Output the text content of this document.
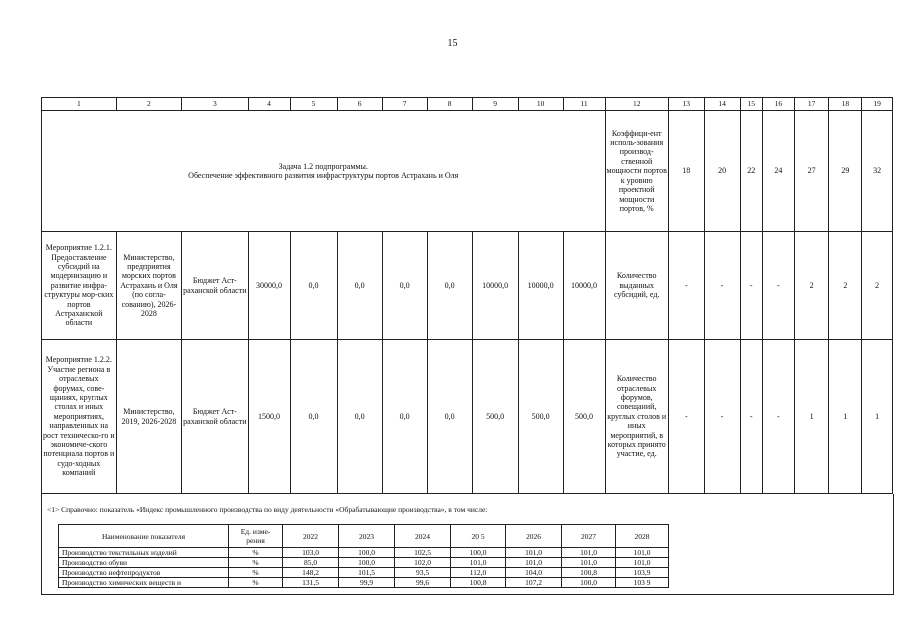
15
1	2	3	4	5	6	7	8	9	10	11	12	13	14	15	16	17	18	19

Задача 1.2 подпрограммы.
Обеспечение эффективного развития инфраструктуры портов Астрахань и Оля											Коэффици-ент исполь-зования производ-ственной мощности портов к уровню проектной мощности портов, %	18	20	22	24	27	29	32
Мероприятие 1.2.1. Предоставление субсидий на модернизацию и развитие инфра-структуры мор-ских портов Астраханской области	Министерство, предприятия морских портов Астрахань и Оля (по согла-сованию), 2026-2028	Бюджет Аст-раханской области	30000,0	0,0	0,0	0,0	0,0	10000,0	10000,0	10000,0	Количество выданных субсидий, ед.	-	-	-	-	2	2	2
Мероприятие 1.2.2. Участие региона в отраслевых форумах, сове-щаниях, круглых столах и иных мероприятиях, направленных на рост техническо-го и экономиче-ского потенциала портов и судо-ходных компаний	Министерство, 2019, 2026-2028	Бюджет Аст-раханской области	1500,0	0,0	0,0	0,0	0,0	500,0	500,0	500,0	Количество отраслевых форумов, совещаний, круглых столов и иных мероприятий, в которых принято участие, ед.	-	-	-	-	1	1	1
<1> Справочно: показатель «Индекс промышленного производства по виду деятельности «Обрабатывающие производства», в том числе:
Наименование показателя	Ед. изме-рения	2022	2023	2024	20 5	2026	2027	2028
Производство текстильных изделий	%	103,0	100,0	102,5	100,0	101,0	101,0	101,0
Производство обуви	%	85,0	100,0	102,0	101,0	101,0	101,0	101,0
Производство нефтепродуктов	%	148,2	101,5	93,5	112,0	104,0	100,8	103,9
Производство химических веществ и	%	131,5	99,9	99,6	100,8	107,2	100,0	103 9
